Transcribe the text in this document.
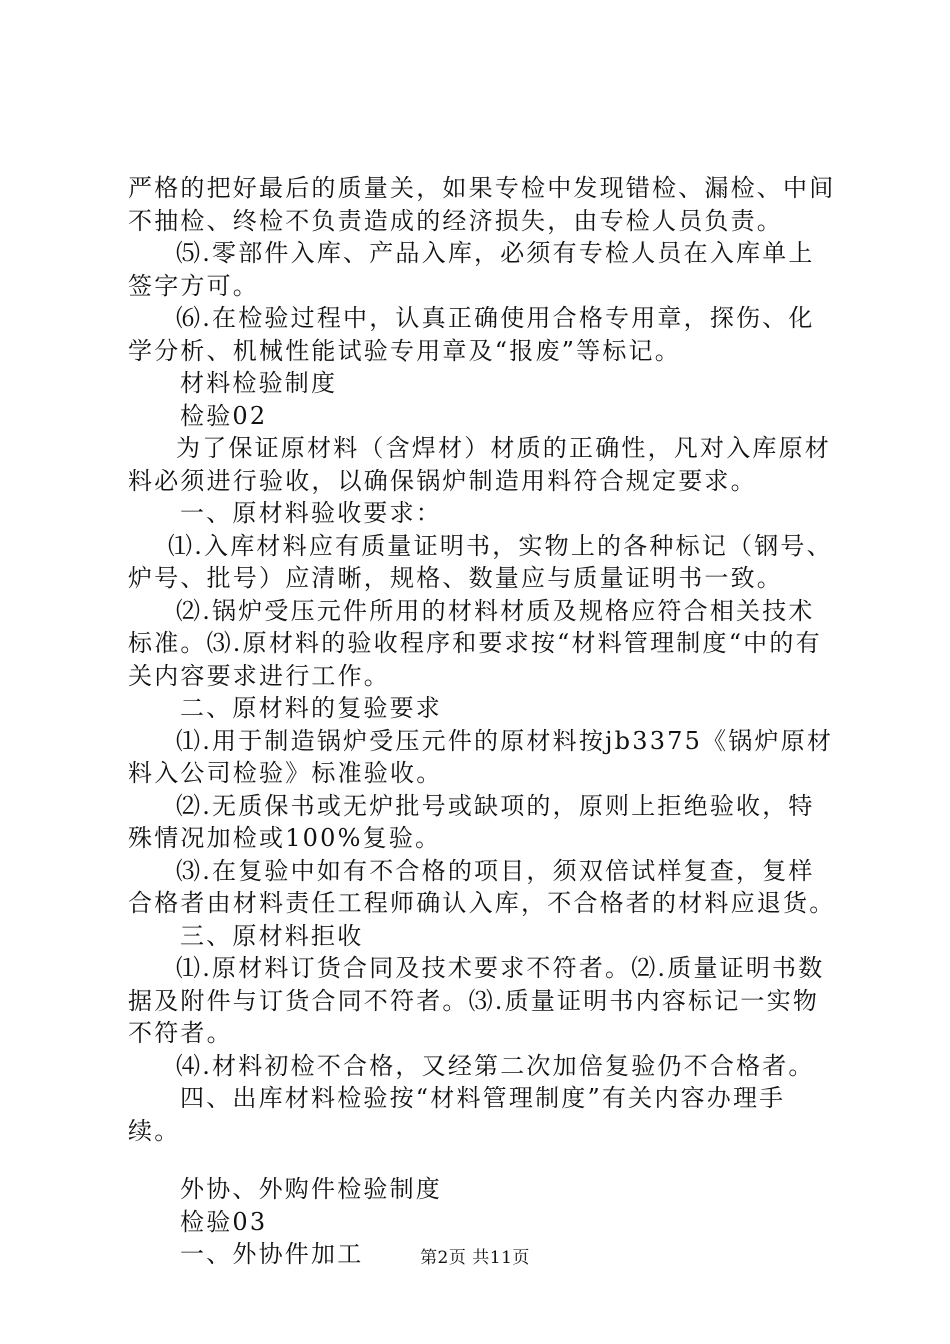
严格的把好最后的质量关，如果专检中发现错检、漏检、中间不抽检、终检不负责造成的经济损失，由专检人员负责。

⑸.零部件入库、产品入库，必须有专检人员在入库单上签字方可。

⑹.在检验过程中，认真正确使用合格专用章，探伤、化学分析、机械性能试验专用章及“报废”等标记。

材料检验制度

检验02

为了保证原材料（含焊材）材质的正确性，凡对入库原材料必须进行验收，以确保锅炉制造用料符合规定要求。

一、原材料验收要求：

⑴.入库材料应有质量证明书，实物上的各种标记（钢号、炉号、批号）应清晰，规格、数量应与质量证明书一致。

⑵.锅炉受压元件所用的材料材质及规格应符合相关技术标准。⑶.原材料的验收程序和要求按“材料管理制度“中的有关内容要求进行工作。

二、原材料的复验要求

⑴.用于制造锅炉受压元件的原材料按jb3375《锅炉原材料入公司检验》标准验收。

⑵.无质保书或无炉批号或缺项的，原则上拒绝验收，特殊情况加检或100%复验。

⑶.在复验中如有不合格的项目，须双倍试样复查，复样合格者由材料责任工程师确认入库，不合格者的材料应退货。

三、原材料拒收

⑴.原材料订货合同及技术要求不符者。⑵.质量证明书数据及附件与订货合同不符者。⑶.质量证明书内容标记一实物不符者。

⑷.材料初检不合格，又经第二次加倍复验仍不合格者。

四、出库材料检验按“材料管理制度”有关内容办理手续。

外协、外购件检验制度

检验03

一、外协件加工	第2页 共11页
